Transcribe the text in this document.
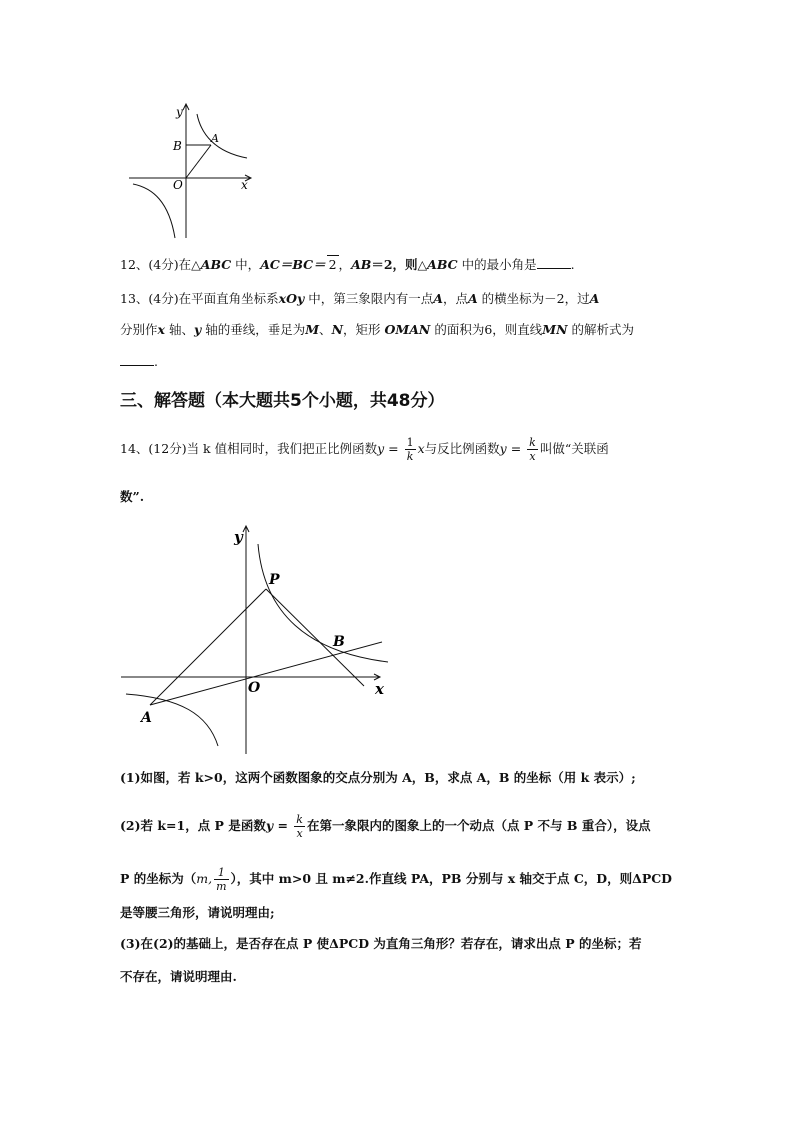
y
B
A
O	x
12、(4分)在△ABC 中，AC＝BC＝ 2 ，AB＝2，则△ABC 中的最小角是	.
13、(4分)在平面直角坐标系xOy 中，第三象限内有一点A，点A 的横坐标为－2，过A
分别作x 轴、y 轴的垂线，垂足为M、N，矩形 OMAN 的面积为6，则直线MN 的解析式为
.
三、解答题（本大题共5个小题，共48分）
14、(12分)当 k 值相同时，我们把正比例函数$y = \frac{1}{k}$ x与反比例函数$y = \frac{k}{x}$ 叫做“关联函
数”.
y
P
B
O	x
A
(1)如图，若 k>0，这两个函数图象的交点分别为 A，B，求点 A，B 的坐标（用 k 表示）;
(2)若 k=1，点 P 是函数$y = \frac{k}{x}$ 在第一象限内的图象上的一个动点（点 P 不与 B 重合），设点
P 的坐标为（m, $\frac{1}{m}$ ），其中 m>0 且 m≠2.作直线 PA，PB 分别与 x 轴交于点 C，D，则ΔPCD
是等腰三角形，请说明理由;
(3)在(2)的基础上，是否存在点 P 使ΔPCD 为直角三角形？若存在，请求出点 P 的坐标；若
不存在，请说明理由.
